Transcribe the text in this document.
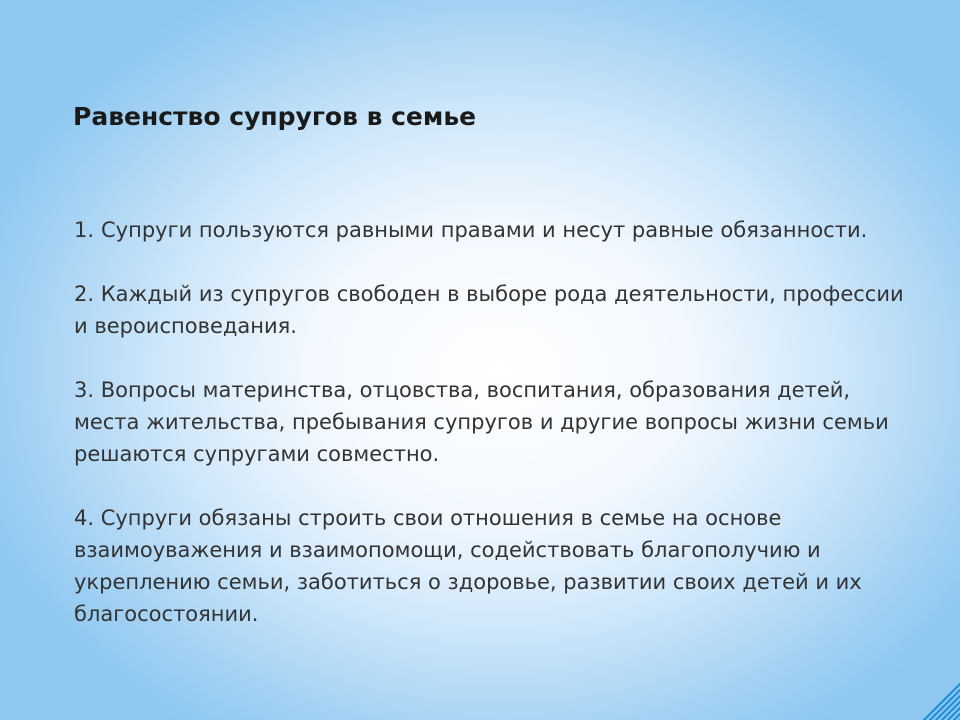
Равенство супругов в семье
1. Супруги пользуются равными правами и несут равные обязанности.
2. Каждый из супругов свободен в выборе рода деятельности, профессии и вероисповедания.
3. Вопросы материнства, отцовства, воспитания, образования детей, места жительства, пребывания супругов и другие вопросы жизни семьи решаются супругами совместно.
4. Супруги обязаны строить свои отношения в семье на основе взаимоуважения и взаимопомощи, содействовать благополучию и укреплению семьи, заботиться о здоровье, развитии своих детей и их благосостоянии.
